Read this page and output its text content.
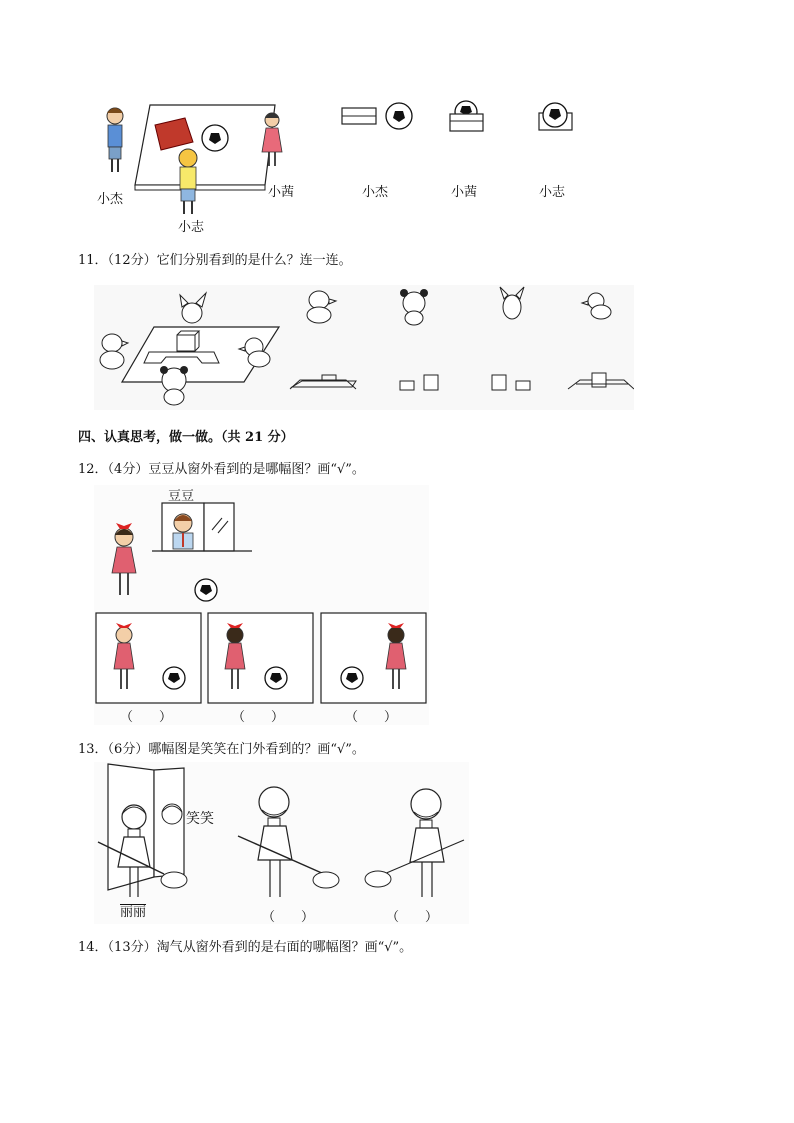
小杰
小志
小茜	小杰	小茜	小志
11．（12分）它们分别看到的是什么？连一连。
四、认真思考，做一做。（共 21 分）
12．（4分）豆豆从窗外看到的是哪幅图？画“√”。
豆豆
（　　）	（　　）	（　　）
13．（6分）哪幅图是笑笑在门外看到的？画“√”。
笑笑
丽丽	（　　）	（　　）
14．（13分）淘气从窗外看到的是右面的哪幅图？画“√”。
